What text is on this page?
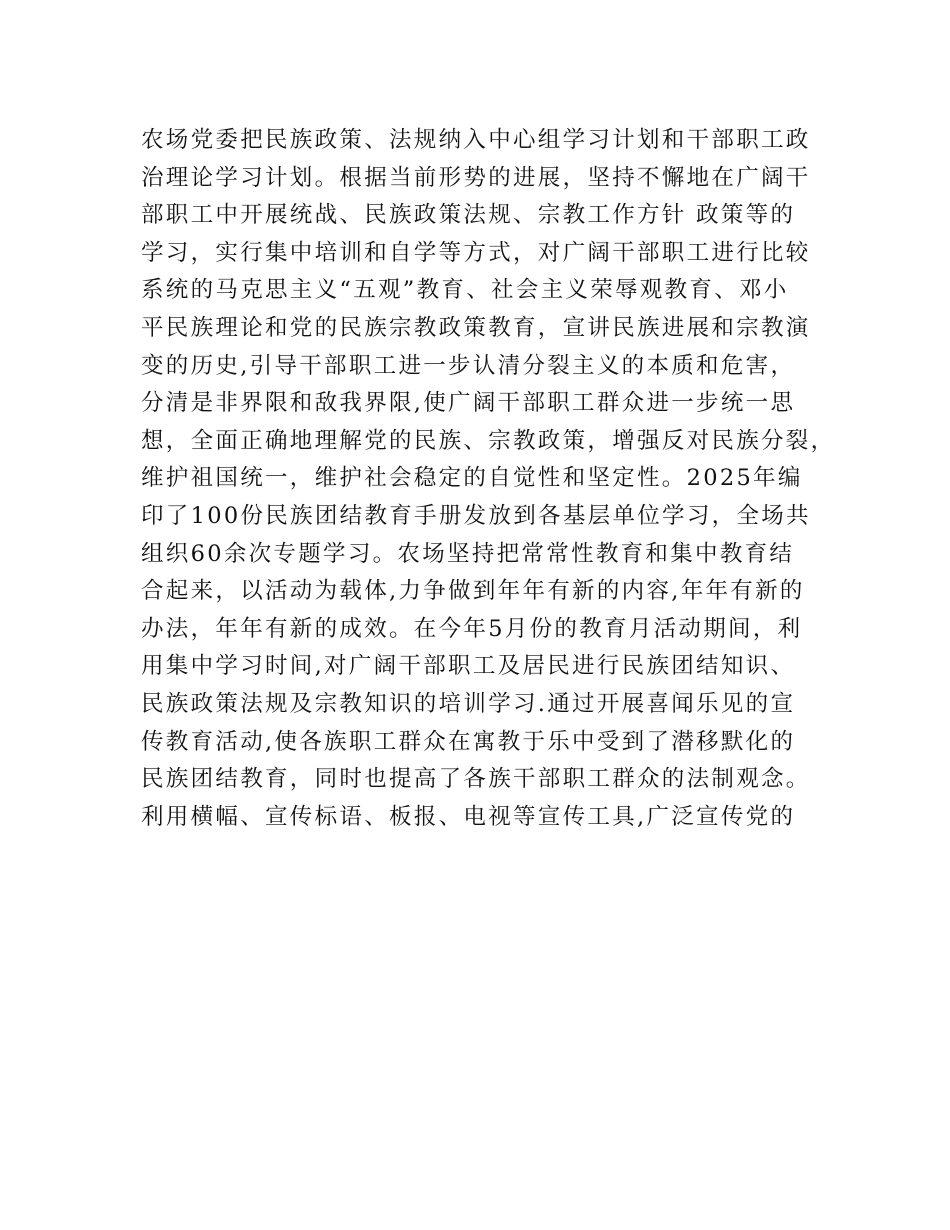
农场党委把民族政策、法规纳入中心组学习计划和干部职工政
治理论学习计划。根据当前形势的进展，坚持不懈地在广阔干
部职工中开展统战、民族政策法规、宗教工作方针 政策等的
学习，实行集中培训和自学等方式，对广阔干部职工进行比较
系统的马克思主义“五观”教育、社会主义荣辱观教育、邓小
平民族理论和党的民族宗教政策教育，宣讲民族进展和宗教演
变的历史,引导干部职工进一步认清分裂主义的本质和危害，
分清是非界限和敌我界限,使广阔干部职工群众进一步统一思
想，全面正确地理解党的民族、宗教政策，增强反对民族分裂，
维护祖国统一，维护社会稳定的自觉性和坚定性。2025年编
印了100份民族团结教育手册发放到各基层单位学习，全场共
组织60余次专题学习。农场坚持把常常性教育和集中教育结
合起来，以活动为载体,力争做到年年有新的内容,年年有新的
办法，年年有新的成效。在今年5月份的教育月活动期间，利
用集中学习时间,对广阔干部职工及居民进行民族团结知识、
民族政策法规及宗教知识的培训学习.通过开展喜闻乐见的宣
传教育活动,使各族职工群众在寓教于乐中受到了潜移默化的
民族团结教育，同时也提高了各族干部职工群众的法制观念。
利用横幅、宣传标语、板报、电视等宣传工具,广泛宣传党的
